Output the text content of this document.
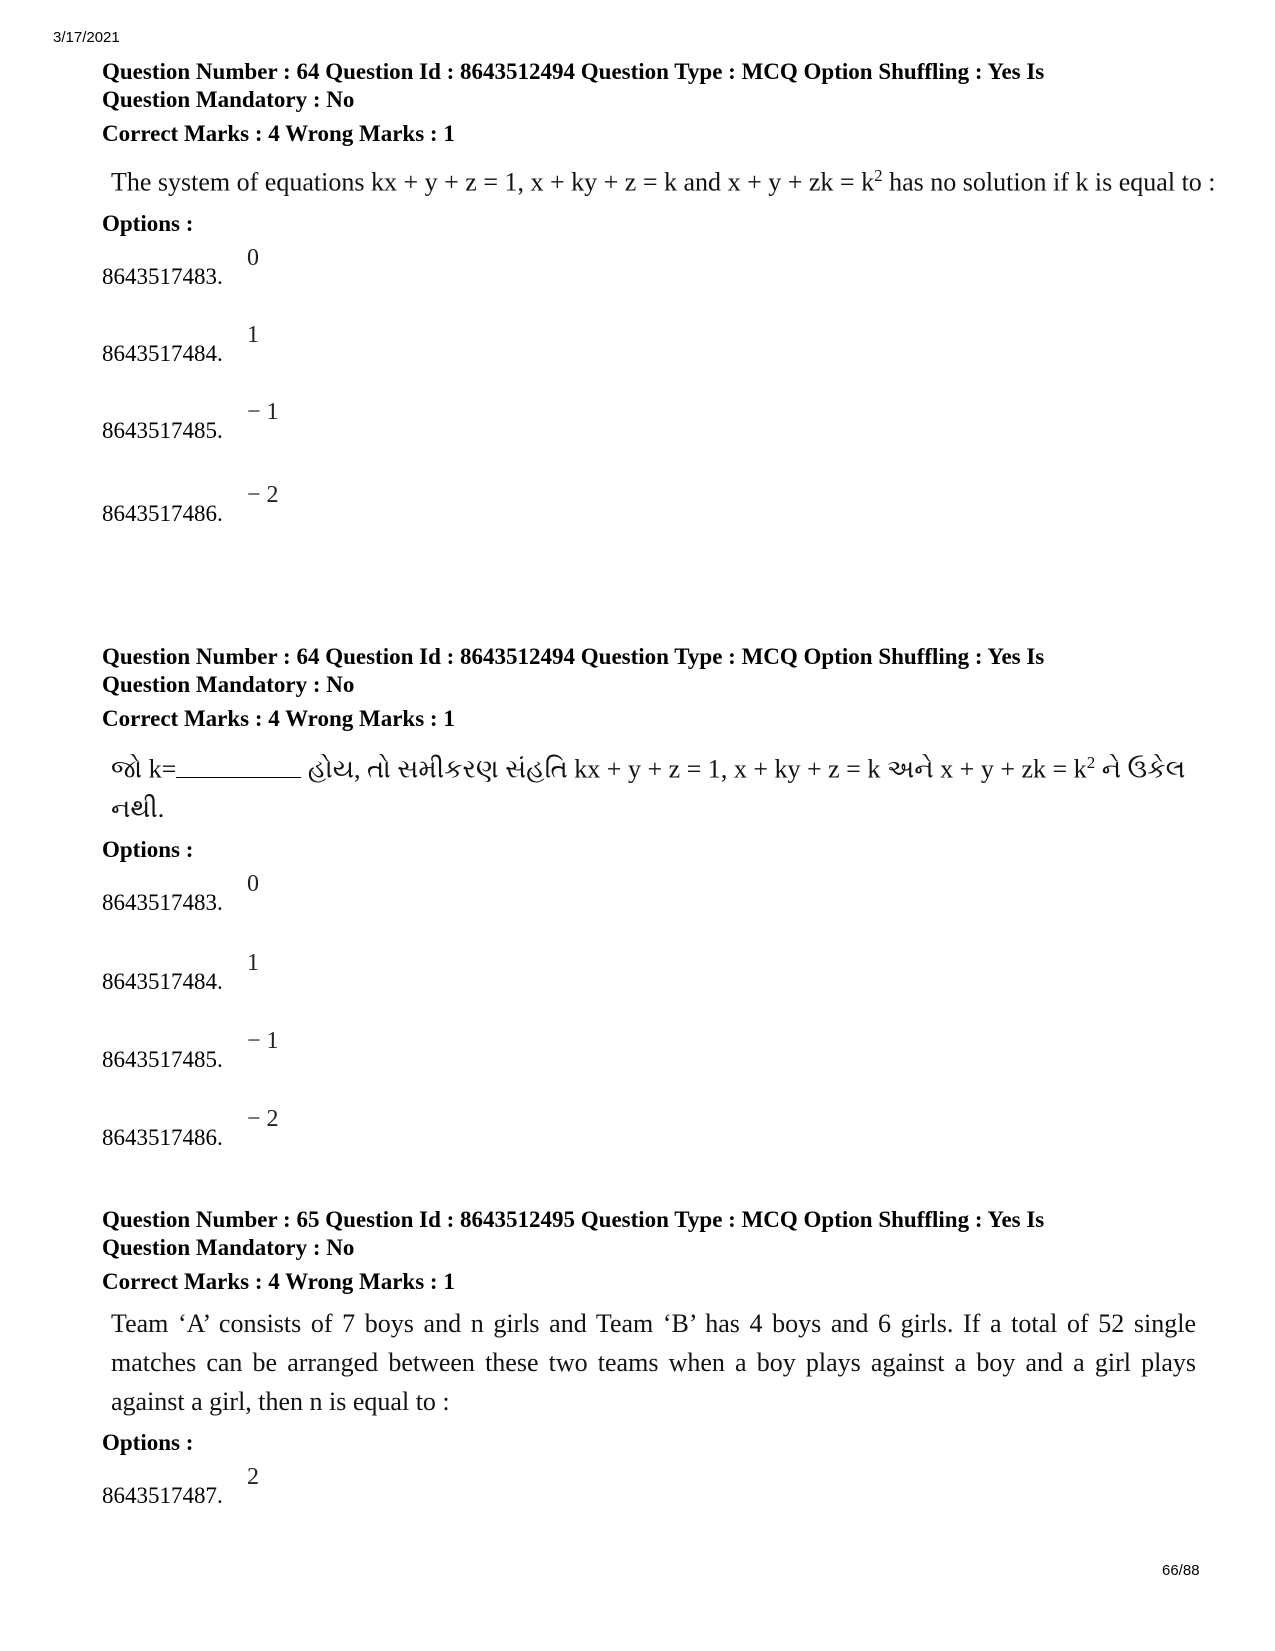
3/17/2021
Question Number : 64 Question Id : 8643512494 Question Type : MCQ Option Shuffling : Yes Is
Question Mandatory : No
Correct Marks : 4 Wrong Marks : 1
The system of equations kx + y + z = 1, x + ky + z = k and x + y + zk = $k^2$ has no solution if k is equal to :
Options :
8643517483.
0
8643517484.
1
8643517485.
− 1
8643517486.
− 2
Question Number : 64 Question Id : 8643512494 Question Type : MCQ Option Shuffling : Yes Is
Question Mandatory : No
Correct Marks : 4 Wrong Marks : 1
જો k=	હોય, તો સમીકરણ સંહતિ kx + y + z = 1, x + ky + z = k અને x + y + zk = $k^2$ ને ઉકેલ નથી.
Options :
8643517483.
0
8643517484.
1
8643517485.
− 1
8643517486.
− 2
Question Number : 65 Question Id : 8643512495 Question Type : MCQ Option Shuffling : Yes Is
Question Mandatory : No
Correct Marks : 4 Wrong Marks : 1
Team ‘A’ consists of 7 boys and n girls and Team ‘B’ has 4 boys and 6 girls. If a total of 52 single matches can be arranged between these two teams when a boy plays against a boy and a girl plays against a girl, then n is equal to :
Options :
8643517487.
2
66/88
